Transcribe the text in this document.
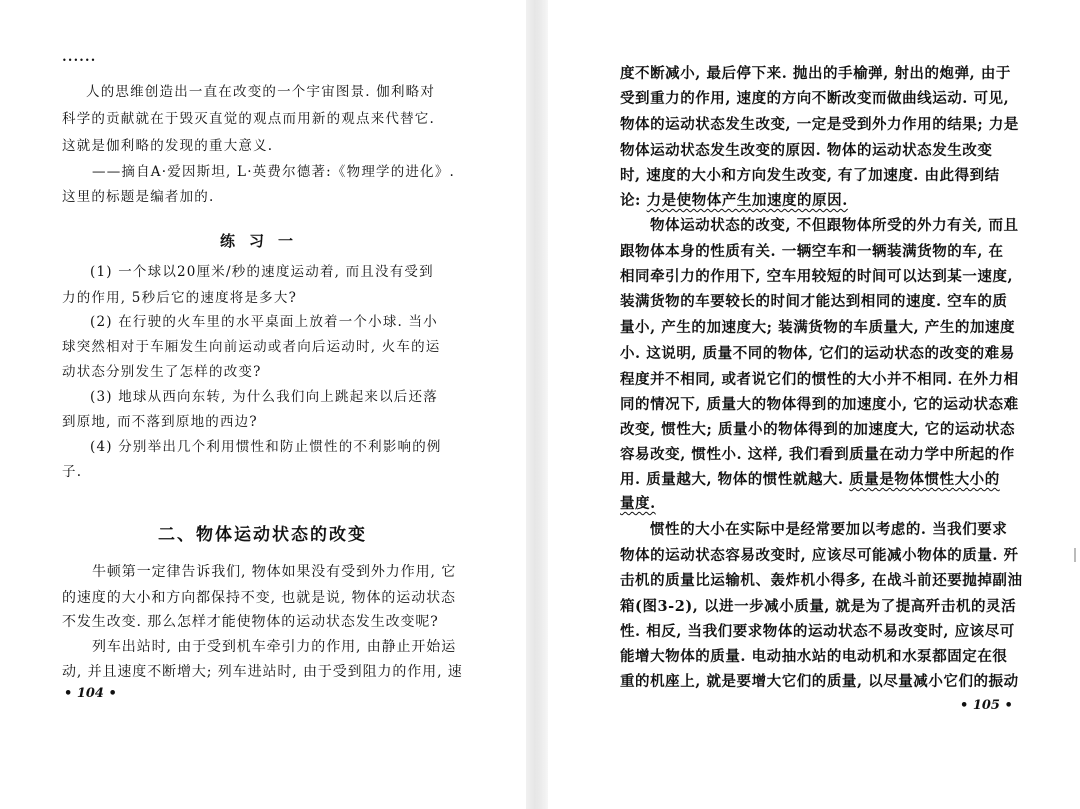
••••••
人的思维创造出一直在改变的一个宇宙图景. 伽利略对
科学的贡献就在于毁灭直觉的观点而用新的观点来代替它.
这就是伽利略的发现的重大意义.
——摘自A·爱因斯坦, L·英费尔德著:《物理学的进化》.
这里的标题是编者加的.
练习一
(1) 一个球以20厘米/秒的速度运动着, 而且没有受到
力的作用, 5秒后它的速度将是多大?
(2) 在行驶的火车里的水平桌面上放着一个小球. 当小
球突然相对于车厢发生向前运动或者向后运动时, 火车的运
动状态分别发生了怎样的改变?
(3) 地球从西向东转, 为什么我们向上跳起来以后还落
到原地, 而不落到原地的西边?
(4) 分别举出几个利用惯性和防止惯性的不利影响的例
子.
二、物体运动状态的改变
牛顿第一定律告诉我们, 物体如果没有受到外力作用, 它
的速度的大小和方向都保持不变, 也就是说, 物体的运动状态
不发生改变. 那么怎样才能使物体的运动状态发生改变呢?
列车出站时, 由于受到机车牵引力的作用, 由静止开始运
动, 并且速度不断增大; 列车进站时, 由于受到阻力的作用, 速
• 104 •
度不断减小, 最后停下来. 抛出的手榆弹, 射出的炮弹, 由于
受到重力的作用, 速度的方向不断改变而做曲线运动. 可见,
物体的运动状态发生改变, 一定是受到外力作用的结果; 力是
物体运动状态发生改变的原因. 物体的运动状态发生改变
时, 速度的大小和方向发生改变, 有了加速度. 由此得到结
论: 力是使物体产生加速度的原因.
物体运动状态的改变, 不但跟物体所受的外力有关, 而且
跟物体本身的性质有关. 一辆空车和一辆装满货物的车, 在
相同牵引力的作用下, 空车用较短的时间可以达到某一速度,
装满货物的车要较长的时间才能达到相同的速度. 空车的质
量小, 产生的加速度大; 装满货物的车质量大, 产生的加速度
小. 这说明, 质量不同的物体, 它们的运动状态的改变的难易
程度并不相同, 或者说它们的惯性的大小并不相同. 在外力相
同的情况下, 质量大的物体得到的加速度小, 它的运动状态难
改变, 惯性大; 质量小的物体得到的加速度大, 它的运动状态
容易改变, 惯性小. 这样, 我们看到质量在动力学中所起的作
用. 质量越大, 物体的惯性就越大. 质量是物体惯性大小的
量度.
惯性的大小在实际中是经常要加以考虑的. 当我们要求
物体的运动状态容易改变时, 应该尽可能减小物体的质量. 歼
击机的质量比运输机、轰炸机小得多, 在战斗前还要抛掉副油
箱(图3-2), 以进一步减小质量, 就是为了提高歼击机的灵活
性. 相反, 当我们要求物体的运动状态不易改变时, 应该尽可
能增大物体的质量. 电动抽水站的电动机和水泵都固定在很
重的机座上, 就是要增大它们的质量, 以尽量减小它们的振动
• 105 •
